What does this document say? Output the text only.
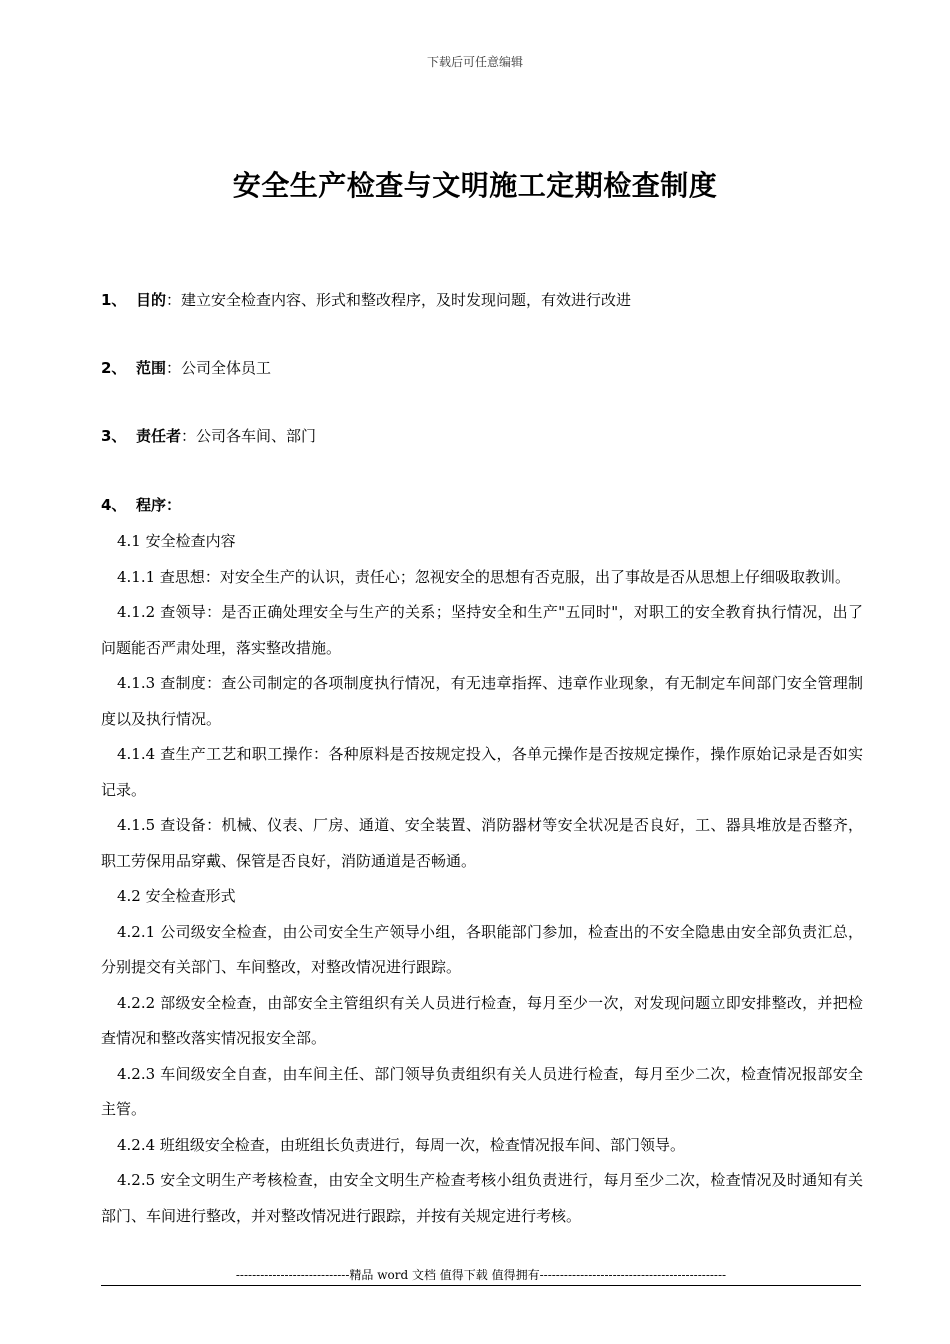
下载后可任意编辑
安全生产检查与文明施工定期检查制度
1、 目的：建立安全检查内容、形式和整改程序，及时发现问题，有效进行改进
2、 范围：公司全体员工
3、 责任者：公司各车间、部门
4、 程序：

4.1 安全检查内容

4.1.1 查思想：对安全生产的认识，责任心；忽视安全的思想有否克服，出了事故是否从思想上仔细吸取教训。

4.1.2 查领导：是否正确处理安全与生产的关系；坚持安全和生产"五同时"，对职工的安全教育执行情况，出了问题能否严肃处理，落实整改措施。

4.1.3 查制度：查公司制定的各项制度执行情况，有无违章指挥、违章作业现象，有无制定车间部门安全管理制度以及执行情况。

4.1.4 查生产工艺和职工操作：各种原料是否按规定投入，各单元操作是否按规定操作，操作原始记录是否如实记录。

4.1.5 查设备：机械、仪表、厂房、通道、安全装置、消防器材等安全状况是否良好，工、器具堆放是否整齐，职工劳保用品穿戴、保管是否良好，消防通道是否畅通。

4.2 安全检查形式

4.2.1 公司级安全检查，由公司安全生产领导小组，各职能部门参加，检查出的不安全隐患由安全部负责汇总，分别提交有关部门、车间整改，对整改情况进行跟踪。

4.2.2 部级安全检查，由部安全主管组织有关人员进行检查，每月至少一次，对发现问题立即安排整改，并把检查情况和整改落实情况报安全部。

4.2.3 车间级安全自查，由车间主任、部门领导负责组织有关人员进行检查，每月至少二次，检查情况报部安全主管。

4.2.4 班组级安全检查，由班组长负责进行，每周一次，检查情况报车间、部门领导。

4.2.5 安全文明生产考核检查，由安全文明生产检查考核小组负责进行，每月至少二次，检查情况及时通知有关部门、车间进行整改，并对整改情况进行跟踪，并按有关规定进行考核。

----------------------------精品 word 文档 值得下载 值得拥有----------------------------------------------
